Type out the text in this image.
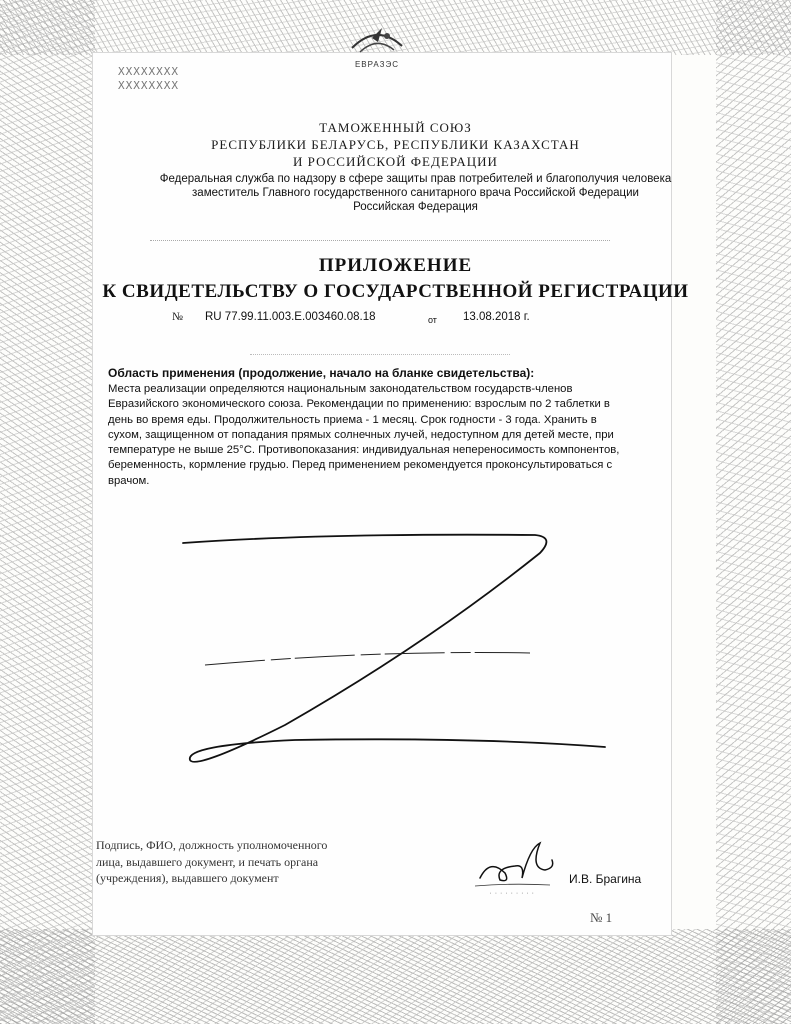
ЕВРАЗЭС
XXXXXXXX
XXXXXXXX
ТАМОЖЕННЫЙ СОЮЗ
РЕСПУБЛИКИ БЕЛАРУСЬ, РЕСПУБЛИКИ КАЗАХСТАН
И РОССИЙСКОЙ ФЕДЕРАЦИИ
Федеральная служба по надзору в сфере защиты прав потребителей и благополучия человека
заместитель Главного государственного санитарного врача Российской Федерации
Российская Федерация
ПРИЛОЖЕНИЕ
К СВИДЕТЕЛЬСТВУ О ГОСУДАРСТВЕННОЙ РЕГИСТРАЦИИ
№ RU 77.99.11.003.E.003460.08.18	от 13.08.2018 г.
Область применения (продолжение, начало на бланке свидетельства):
Места реализации определяются национальным законодательством государств-членов
Евразийского экономического союза. Рекомендации по применению: взрослым по 2 таблетки в
день во время еды. Продолжительность приема - 1 месяц. Срок годности - 3 года. Хранить в
сухом, защищенном от попадания прямых солнечных лучей, недоступном для детей месте, при
температуре не выше 25°С. Противопоказания: индивидуальная непереносимость компонентов,
беременность, кормление грудью. Перед применением рекомендуется проконсультироваться с
врачом.
Подпись, ФИО, должность уполномоченного
лица, выдавшего документ, и печать органа
(учреждения), выдавшего документ
· · · · · · · · ·
И.В. Брагина
№ 1
